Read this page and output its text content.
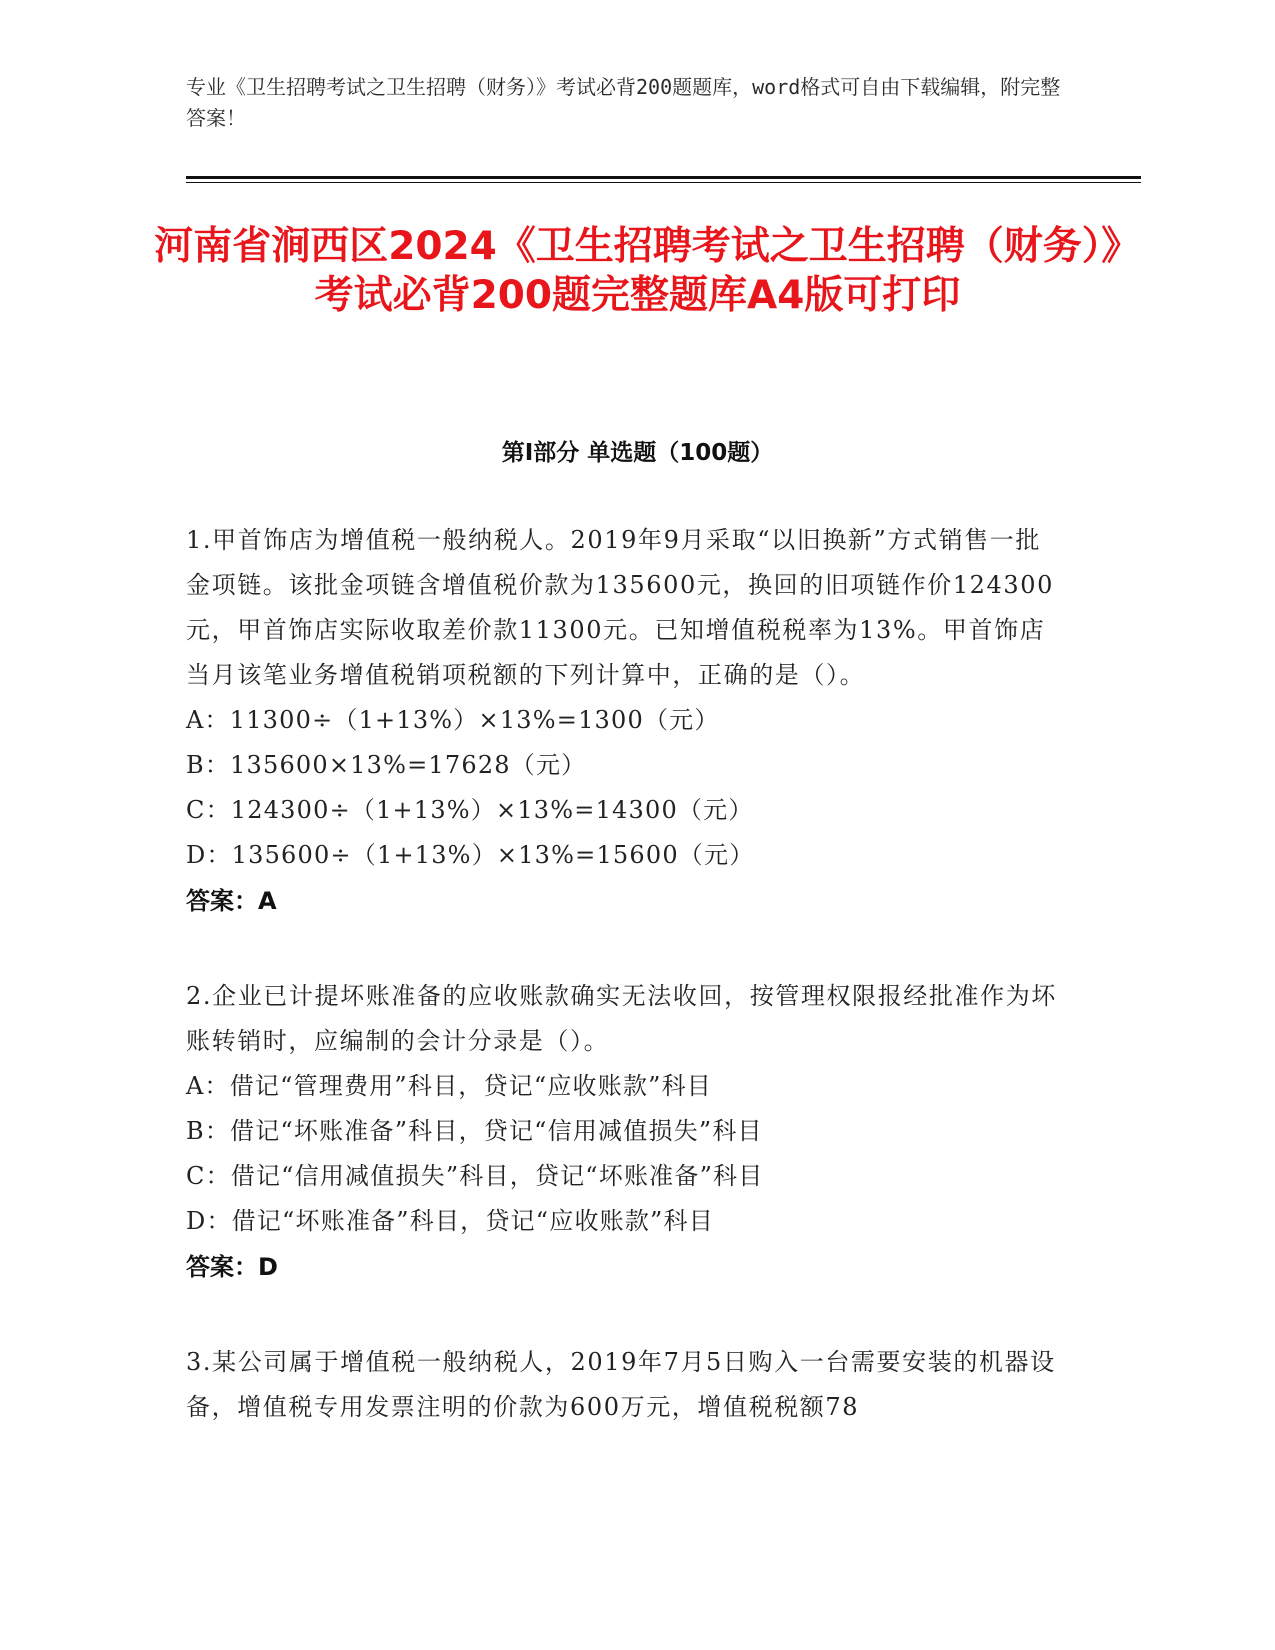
专业《卫生招聘考试之卫生招聘（财务）》考试必背200题题库，word格式可自由下载编辑，附完整答案！

河南省涧西区2024《卫生招聘考试之卫生招聘（财务）》考试必背200题完整题库A4版可打印
第Ⅰ部分 单选题（100题）

1.甲首饰店为增值税一般纳税人。2019年9月采取“以旧换新”方式销售一批金项链。该批金项链含增值税价款为135600元，换回的旧项链作价124300元，甲首饰店实际收取差价款11300元。已知增值税税率为13%。甲首饰店当月该笔业务增值税销项税额的下列计算中，正确的是（）。

A：11300÷（1+13%）×13%=1300（元）

B：135600×13%=17628（元）

C：124300÷（1+13%）×13%=14300（元）

D：135600÷（1+13%）×13%=15600（元）

答案：A

2.企业已计提坏账准备的应收账款确实无法收回，按管理权限报经批准作为坏账转销时，应编制的会计分录是（）。

A：借记“管理费用”科目，贷记“应收账款”科目

B：借记“坏账准备”科目，贷记“信用减值损失”科目

C：借记“信用减值损失”科目，贷记“坏账准备”科目

D：借记“坏账准备”科目，贷记“应收账款”科目

答案：D

3.某公司属于增值税一般纳税人，2019年7月5日购入一台需要安装的机器设备，增值税专用发票注明的价款为600万元，增值税税额78
